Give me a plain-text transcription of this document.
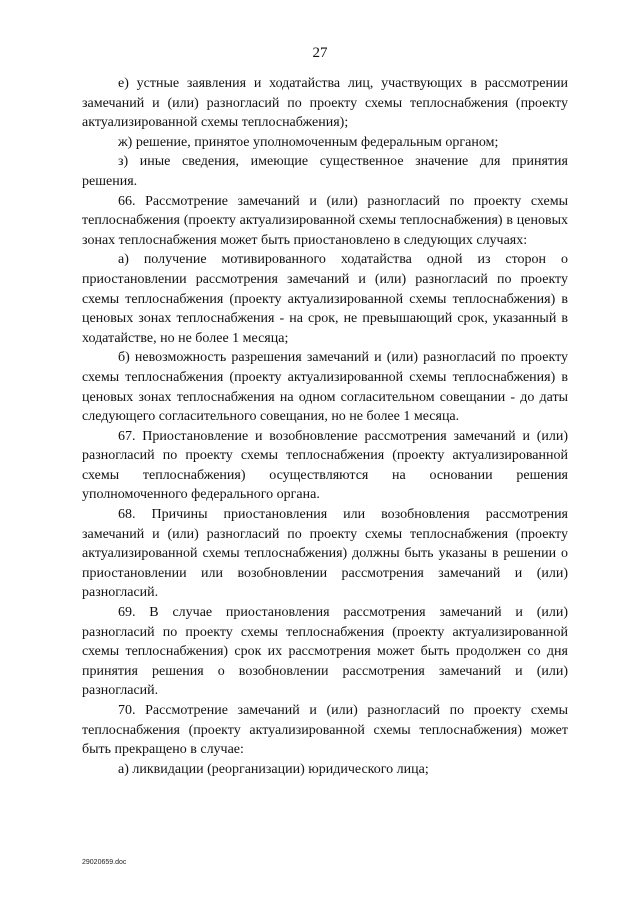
27

е) устные заявления и ходатайства лиц, участвующих в рассмотрении замечаний и (или) разногласий по проекту схемы теплоснабжения (проекту актуализированной схемы теплоснабжения);

ж) решение, принятое уполномоченным федеральным органом;

з) иные сведения, имеющие существенное значение для принятия решения.

66. Рассмотрение замечаний и (или) разногласий по проекту схемы теплоснабжения (проекту актуализированной схемы теплоснабжения) в ценовых зонах теплоснабжения может быть приостановлено в следующих случаях:

а) получение мотивированного ходатайства одной из сторон о приостановлении рассмотрения замечаний и (или) разногласий по проекту схемы теплоснабжения (проекту актуализированной схемы теплоснабжения) в ценовых зонах теплоснабжения - на срок, не превышающий срок, указанный в ходатайстве, но не более 1 месяца;

б) невозможность разрешения замечаний и (или) разногласий по проекту схемы теплоснабжения (проекту актуализированной схемы теплоснабжения) в ценовых зонах теплоснабжения на одном согласительном совещании - до даты следующего согласительного совещания, но не более 1 месяца.

67. Приостановление и возобновление рассмотрения замечаний и (или) разногласий по проекту схемы теплоснабжения (проекту актуализированной схемы теплоснабжения) осуществляются на основании решения уполномоченного федерального органа.

68. Причины приостановления или возобновления рассмотрения замечаний и (или) разногласий по проекту схемы теплоснабжения (проекту актуализированной схемы теплоснабжения) должны быть указаны в решении о приостановлении или возобновлении рассмотрения замечаний и (или) разногласий.

69. В случае приостановления рассмотрения замечаний и (или) разногласий по проекту схемы теплоснабжения (проекту актуализированной схемы теплоснабжения) срок их рассмотрения может быть продолжен со дня принятия решения о возобновлении рассмотрения замечаний и (или) разногласий.

70. Рассмотрение замечаний и (или) разногласий по проекту схемы теплоснабжения (проекту актуализированной схемы теплоснабжения) может быть прекращено в случае:

а) ликвидации (реорганизации) юридического лица;

29020659.doc
